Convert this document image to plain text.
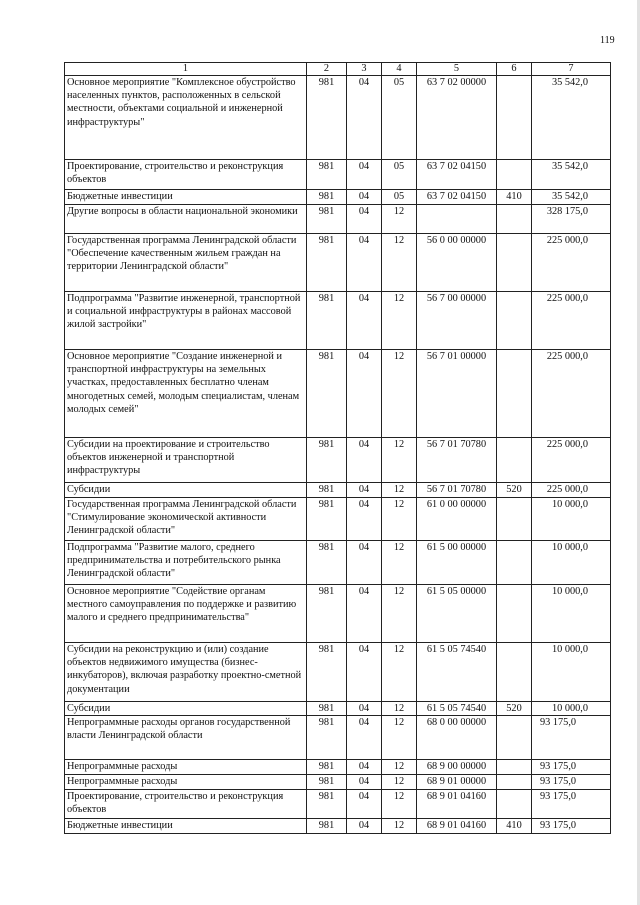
119
1	2	3	4	5	6	7
Основное мероприятие "Комплексное обустройство населенных пунктов, расположенных в сельской местности, объектами социальной и инженерной инфраструктуры"	981	04	05	63 7 02 00000		35 542,0
Проектирование, строительство и реконструкция объектов	981	04	05	63 7 02 04150		35 542,0
Бюджетные инвестиции	981	04	05	63 7 02 04150	410	35 542,0
Другие вопросы в области национальной экономики	981	04	12			328 175,0
Государственная программа Ленинградской области "Обеспечение качественным жильем граждан на территории Ленинградской области"	981	04	12	56 0 00 00000		225 000,0
Подпрограмма "Развитие инженерной, транспортной и социальной инфраструктуры в районах массовой жилой застройки"	981	04	12	56 7 00 00000		225 000,0
Основное мероприятие "Создание инженерной и транспортной инфраструктуры на земельных участках, предоставленных бесплатно членам многодетных семей, молодым специалистам, членам молодых семей"	981	04	12	56 7 01 00000		225 000,0
Субсидии на проектирование и строительство объектов инженерной и транспортной инфраструктуры	981	04	12	56 7 01 70780		225 000,0
Субсидии	981	04	12	56 7 01 70780	520	225 000,0
Государственная программа Ленинградской области "Стимулирование экономической активности Ленинградской области"	981	04	12	61 0 00 00000		10 000,0
Подпрограмма "Развитие малого, среднего предпринимательства и потребительского рынка Ленинградской области"	981	04	12	61 5 00 00000		10 000,0
Основное мероприятие "Содействие органам местного самоуправления по поддержке и развитию малого и среднего предпринимательства"	981	04	12	61 5 05 00000		10 000,0
Субсидии на реконструкцию и (или) создание объектов недвижимого имущества (бизнес-инкубаторов), включая разработку проектно-сметной документации	981	04	12	61 5 05 74540		10 000,0
Субсидии	981	04	12	61 5 05 74540	520	10 000,0
Непрограммные расходы органов государственной власти Ленинградской области	981	04	12	68 0 00 00000		93 175,0
Непрограммные расходы	981	04	12	68 9 00 00000		93 175,0
Непрограммные расходы	981	04	12	68 9 01 00000		93 175,0
Проектирование, строительство и реконструкция объектов	981	04	12	68 9 01 04160		93 175,0
Бюджетные инвестиции	981	04	12	68 9 01 04160	410	93 175,0
